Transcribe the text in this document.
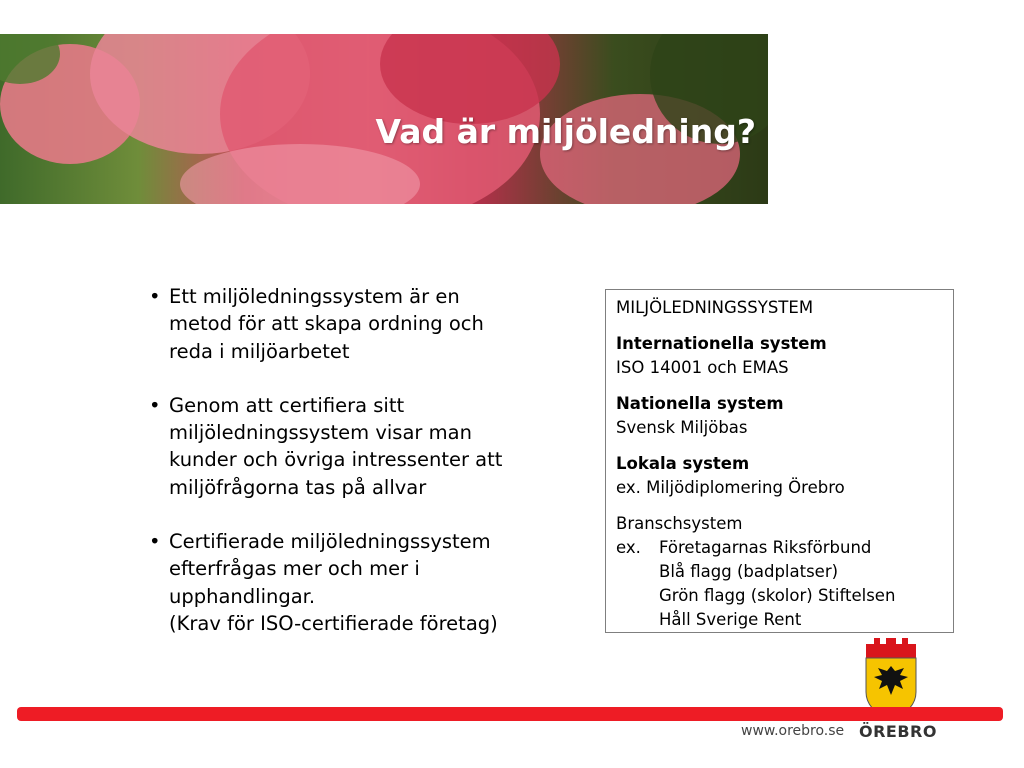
Vad är miljöledning?
• Ett miljöledningssystem är en
metod för att skapa ordning och
reda i miljöarbetet
• Genom att certifiera sitt
miljöledningssystem visar man
kunder och övriga intressenter att
miljöfrågorna tas på allvar
• Certifierade miljöledningssystem
efterfrågas mer och mer i
upphandlingar.
(Krav för ISO-certifierade företag)
MILJÖLEDNINGSSYSTEM
Internationella system
ISO 14001 och EMAS
Nationella system
Svensk Miljöbas
Lokala system
ex. Miljödiplomering Örebro
Branschsystem
ex.	Företagarnas Riksförbund
Blå flagg (badplatser)
Grön flagg (skolor) Stiftelsen
Håll Sverige Rent
www.orebro.se ÖREBRO
